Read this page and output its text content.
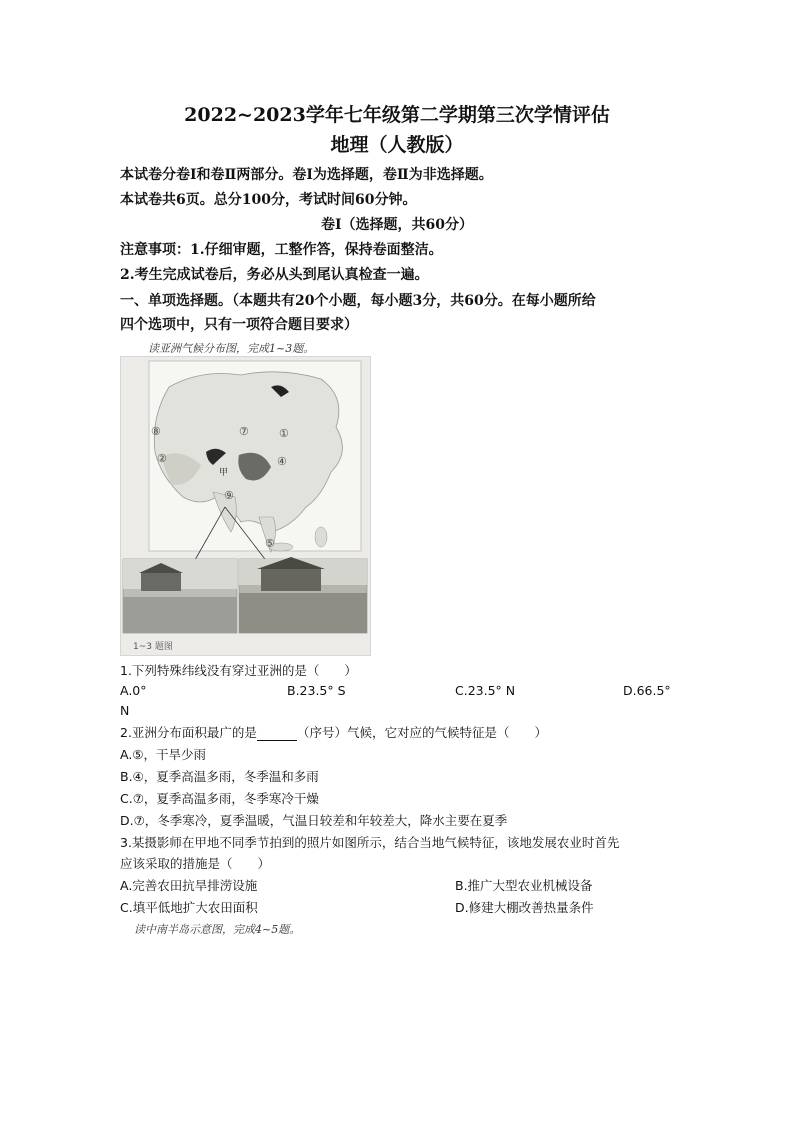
2022~2023学年七年级第二学期第三次学情评估
地理（人教版）
本试卷分卷Ⅰ和卷Ⅱ两部分。卷Ⅰ为选择题，卷Ⅱ为非选择题。
本试卷共6页。总分100分，考试时间60分钟。
卷Ⅰ（选择题，共60分）
注意事项：1.仔细审题，工整作答，保持卷面整洁。
2.考生完成试卷后，务必从头到尾认真检查一遍。
一、单项选择题。（本题共有20个小题，每小题3分，共60分。在每小题所给
四个选项中，只有一项符合题目要求）
读亚洲气候分布图，完成1~3题。
⑦	①
⑧
②	④
⑨
⑤
甲
1~3 题图
1.下列特殊纬线没有穿过亚洲的是（　　）
A.0°	B.23.5° S	C.23.5° N	D.66.5°
N
2.亚洲分布面积最广的是	（序号）气候，它对应的气候特征是（　　）
A.⑤，干旱少雨
B.④，夏季高温多雨，冬季温和多雨
C.⑦，夏季高温多雨，冬季寒冷干燥
D.⑦，冬季寒冷，夏季温暖，气温日较差和年较差大，降水主要在夏季
3.某摄影师在甲地不同季节拍到的照片如图所示，结合当地气候特征，该地发展农业时首先
应该采取的措施是（　　）
A.完善农田抗旱排涝设施	B.推广大型农业机械设备
C.填平低地扩大农田面积	D.修建大棚改善热量条件
读中南半岛示意图，完成4~5题。
